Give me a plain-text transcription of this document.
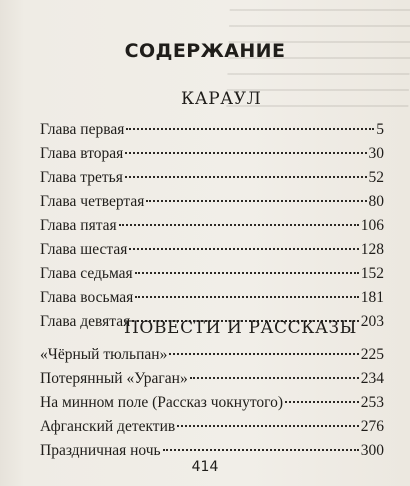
СОДЕРЖАНИЕ
КАРАУЛ
Глава первая	5
Глава вторая	30
Глава третья	52
Глава четвертая	80
Глава пятая	106
Глава шестая	128
Глава седьмая	152
Глава восьмая	181
Глава девятая	203
ПОВЕСТИ И РАССКАЗЫ
«Чёрный тюльпан»	225
Потерянный «Ураган»	234
На минном поле (Рассказ чокнутого)	253
Афганский детектив	276
Праздничная ночь	300
414
